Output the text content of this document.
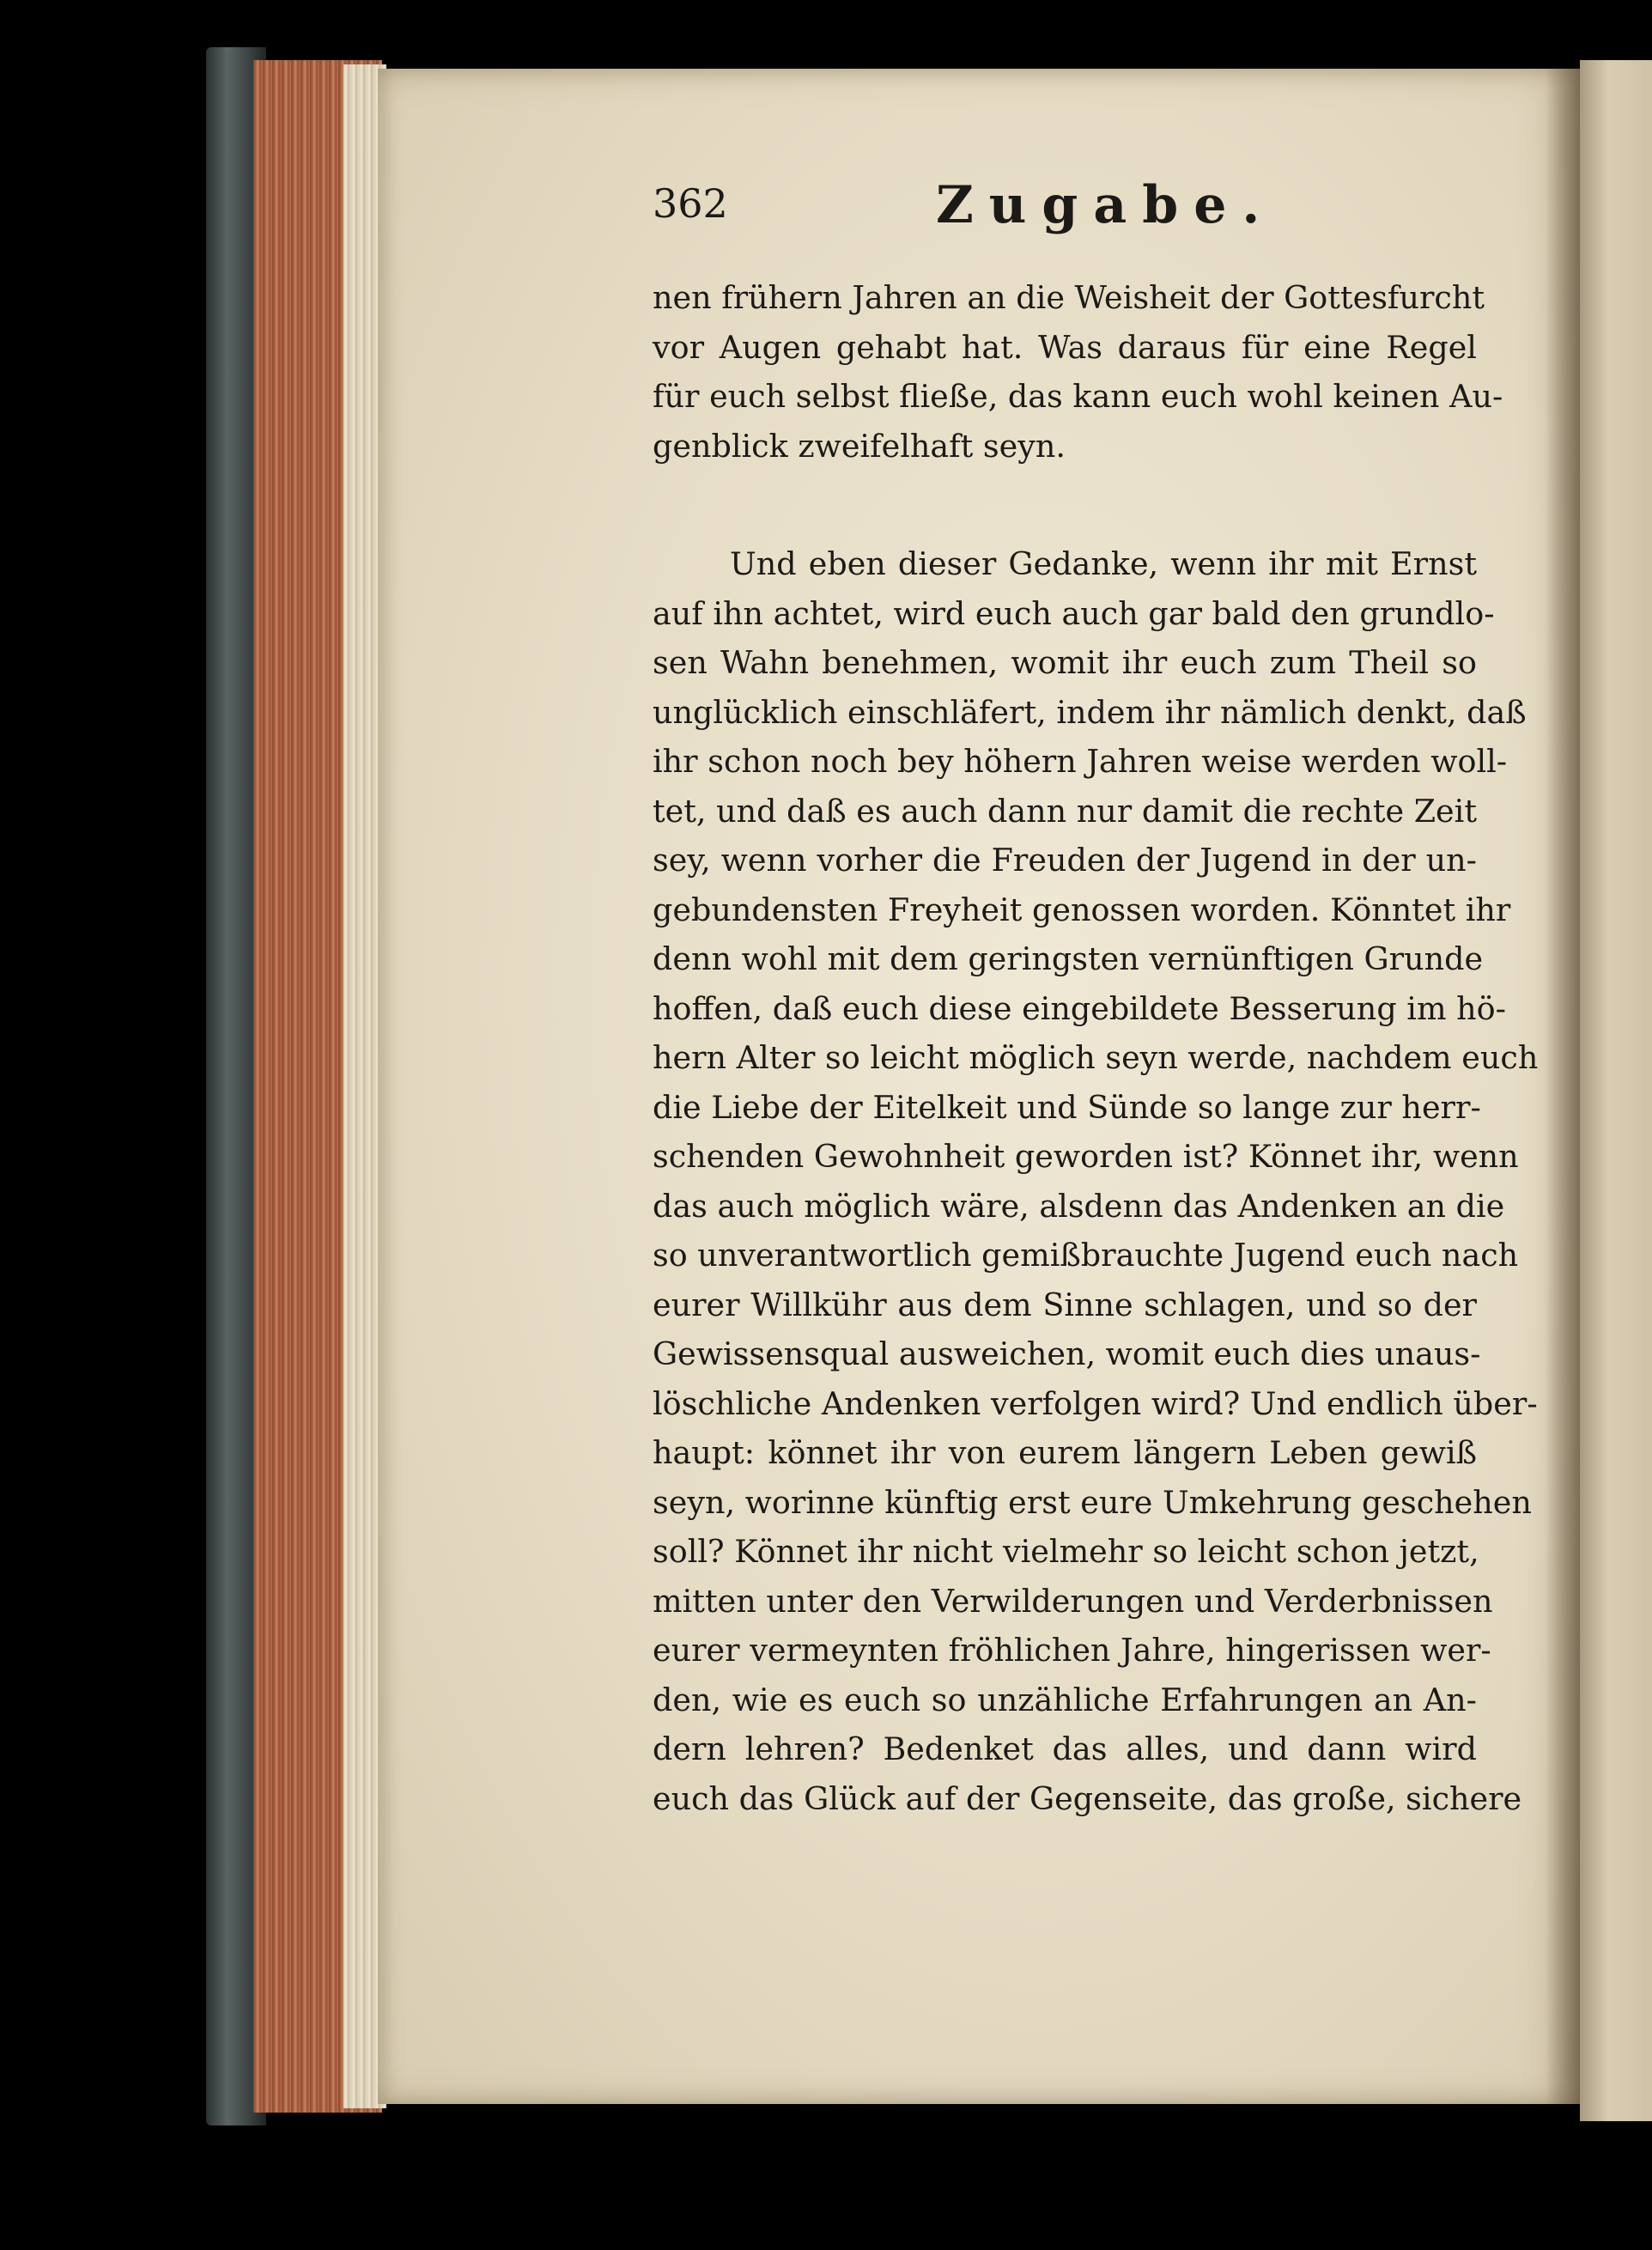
362	Zugabe.
nen frühern Jahren an die Weisheit der Gottesfurcht
vor Augen gehabt hat. Was daraus für eine Regel
für euch selbst fließe, das kann euch wohl keinen Au-
genblick zweifelhaft seyn.
Und eben dieser Gedanke, wenn ihr mit Ernst
auf ihn achtet, wird euch auch gar bald den grundlo-
sen Wahn benehmen, womit ihr euch zum Theil so
unglücklich einschläfert, indem ihr nämlich denkt, daß
ihr schon noch bey höhern Jahren weise werden woll-
tet, und daß es auch dann nur damit die rechte Zeit
sey, wenn vorher die Freuden der Jugend in der un-
gebundensten Freyheit genossen worden. Könntet ihr
denn wohl mit dem geringsten vernünftigen Grunde
hoffen, daß euch diese eingebildete Besserung im hö-
hern Alter so leicht möglich seyn werde, nachdem euch
die Liebe der Eitelkeit und Sünde so lange zur herr-
schenden Gewohnheit geworden ist? Könnet ihr, wenn
das auch möglich wäre, alsdenn das Andenken an die
so unverantwortlich gemißbrauchte Jugend euch nach
eurer Willkühr aus dem Sinne schlagen, und so der
Gewissensqual ausweichen, womit euch dies unaus-
löschliche Andenken verfolgen wird? Und endlich über-
haupt: könnet ihr von eurem längern Leben gewiß
seyn, worinne künftig erst eure Umkehrung geschehen
soll? Könnet ihr nicht vielmehr so leicht schon jetzt,
mitten unter den Verwilderungen und Verderbnissen
eurer vermeynten fröhlichen Jahre, hingerissen wer-
den, wie es euch so unzähliche Erfahrungen an An-
dern lehren? Bedenket das alles, und dann wird
euch das Glück auf der Gegenseite, das große, sichere
